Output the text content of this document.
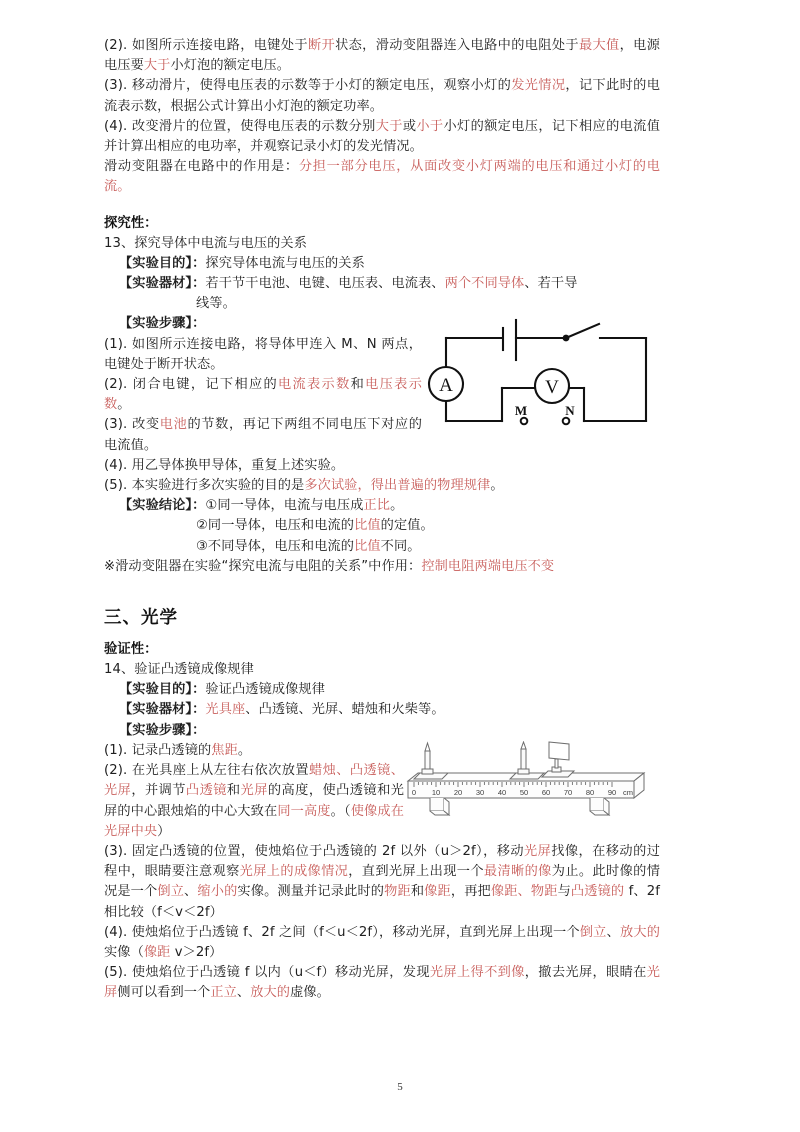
(2). 如图所示连接电路，电键处于断开状态，滑动变阻器连入电路中的电阻处于最大值，电源电压要大于小灯泡的额定电压。
(3). 移动滑片，使得电压表的示数等于小灯的额定电压，观察小灯的发光情况，记下此时的电流表示数，根据公式计算出小灯泡的额定功率。
(4). 改变滑片的位置，使得电压表的示数分别大于或小于小灯的额定电压，记下相应的电流值并计算出相应的电功率，并观察记录小灯的发光情况。
滑动变阻器在电路中的作用是：分担一部分电压，从面改变小灯两端的电压和通过小灯的电流。
探究性：
13、探究导体中电流与电压的关系
【实验目的】：探究导体电流与电压的关系
【实验器材】：若干节干电池、电键、电压表、电流表、两个不同导体、若干导
线等。
A	V
M	N
【实验步骤】：
(1). 如图所示连接电路，将导体甲连入 M、N 两点，电键处于断开状态。
(2). 闭合电键，记下相应的电流表示数和电压表示数。
(3). 改变电池的节数，再记下两组不同电压下对应的电流值。
(4). 用乙导体换甲导体，重复上述实验。
(5). 本实验进行多次实验的目的是多次试验，得出普遍的物理规律。
【实验结论】：①同一导体，电流与电压成正比。
②同一导体，电压和电流的比值的定值。
③不同导体，电压和电流的比值不同。
※滑动变阻器在实验“探究电流与电阻的关系”中作用：控制电阻两端电压不变
三、光学
验证性：
14、验证凸透镜成像规律
【实验目的】：验证凸透镜成像规律
【实验器材】：光具座、凸透镜、光屏、蜡烛和火柴等。
【实验步骤】：
0 10 20 30 40 50 60 70 80 90 cm
(1). 记录凸透镜的焦距。
(2). 在光具座上从左往右依次放置蜡烛、凸透镜、光屏，并调节凸透镜和光屏的高度，使凸透镜和光屏的中心跟烛焰的中心大致在同一高度。（使像成在光屏中央）
(3). 固定凸透镜的位置，使烛焰位于凸透镜的 2f 以外（u＞2f），移动光屏找像，在移动的过程中，眼睛要注意观察光屏上的成像情况，直到光屏上出现一个最清晰的像为止。此时像的情况是一个倒立、缩小的实像。测量并记录此时的物距和像距，再把像距、物距与凸透镜的 f、2f 相比较（f＜v＜2f）
(4). 使烛焰位于凸透镜 f、2f 之间（f＜u＜2f），移动光屏，直到光屏上出现一个倒立、放大的实像（像距 v＞2f）
(5). 使烛焰位于凸透镜 f 以内（u＜f）移动光屏，发现光屏上得不到像，撤去光屏，眼睛在光屏侧可以看到一个正立、放大的虚像。
5
